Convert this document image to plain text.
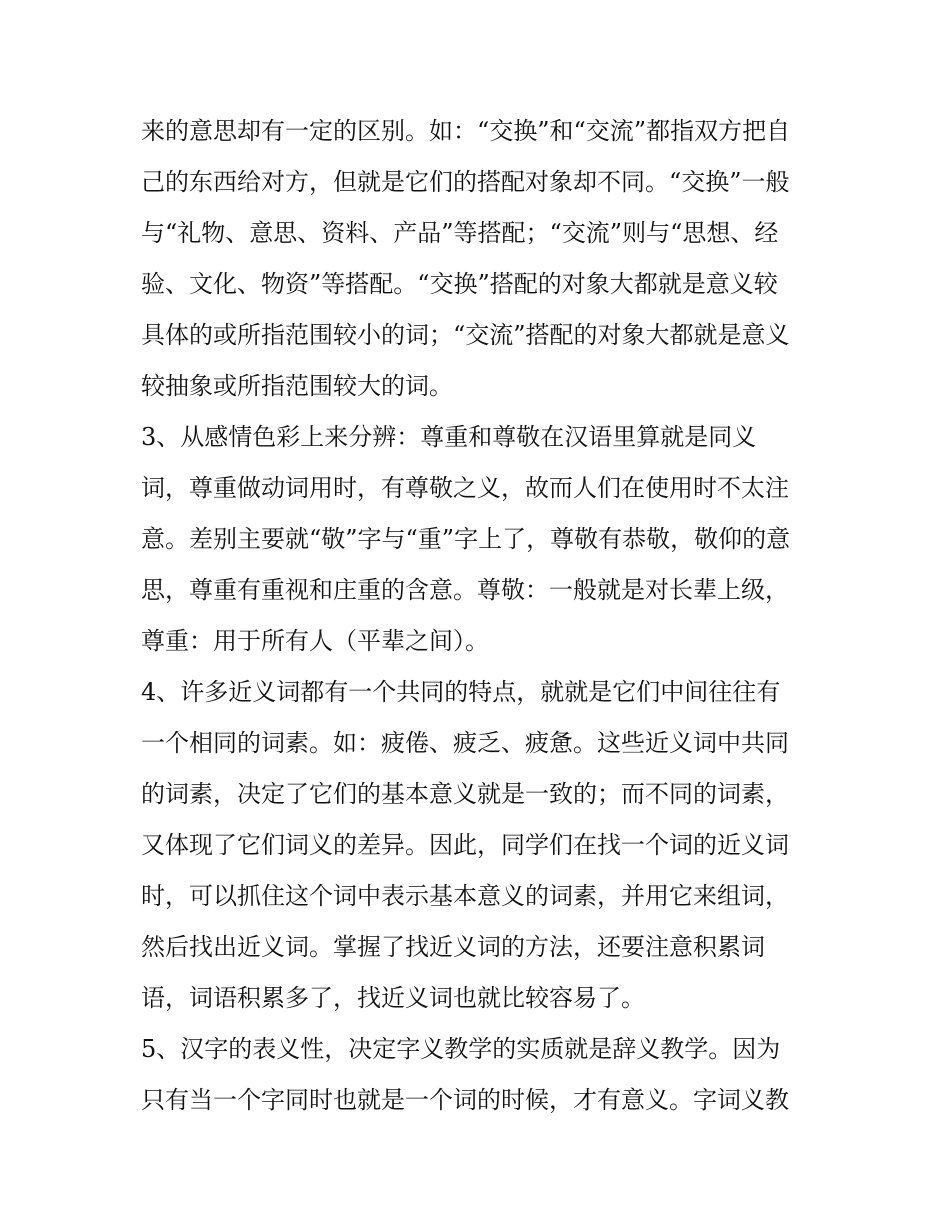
来的意思却有一定的区别。如：“交换”和“交流”都指双方把自
己的东西给对方，但就是它们的搭配对象却不同。“交换”一般
与“礼物、意思、资料、产品”等搭配；“交流”则与“思想、经
验、文化、物资”等搭配。“交换”搭配的对象大都就是意义较
具体的或所指范围较小的词；“交流”搭配的对象大都就是意义
较抽象或所指范围较大的词。
3、从感情色彩上来分辨：尊重和尊敬在汉语里算就是同义
词，尊重做动词用时，有尊敬之义，故而人们在使用时不太注
意。差别主要就“敬”字与“重”字上了，尊敬有恭敬，敬仰的意
思，尊重有重视和庄重的含意。尊敬：一般就是对长辈上级，
尊重：用于所有人（平辈之间）。
4、许多近义词都有一个共同的特点，就就是它们中间往往有
一个相同的词素。如：疲倦、疲乏、疲惫。这些近义词中共同
的词素，决定了它们的基本意义就是一致的；而不同的词素，
又体现了它们词义的差异。因此，同学们在找一个词的近义词
时，可以抓住这个词中表示基本意义的词素，并用它来组词，
然后找出近义词。掌握了找近义词的方法，还要注意积累词
语，词语积累多了，找近义词也就比较容易了。
5、汉字的表义性，决定字义教学的实质就是辞义教学。因为
只有当一个字同时也就是一个词的时候，才有意义。字词义教
